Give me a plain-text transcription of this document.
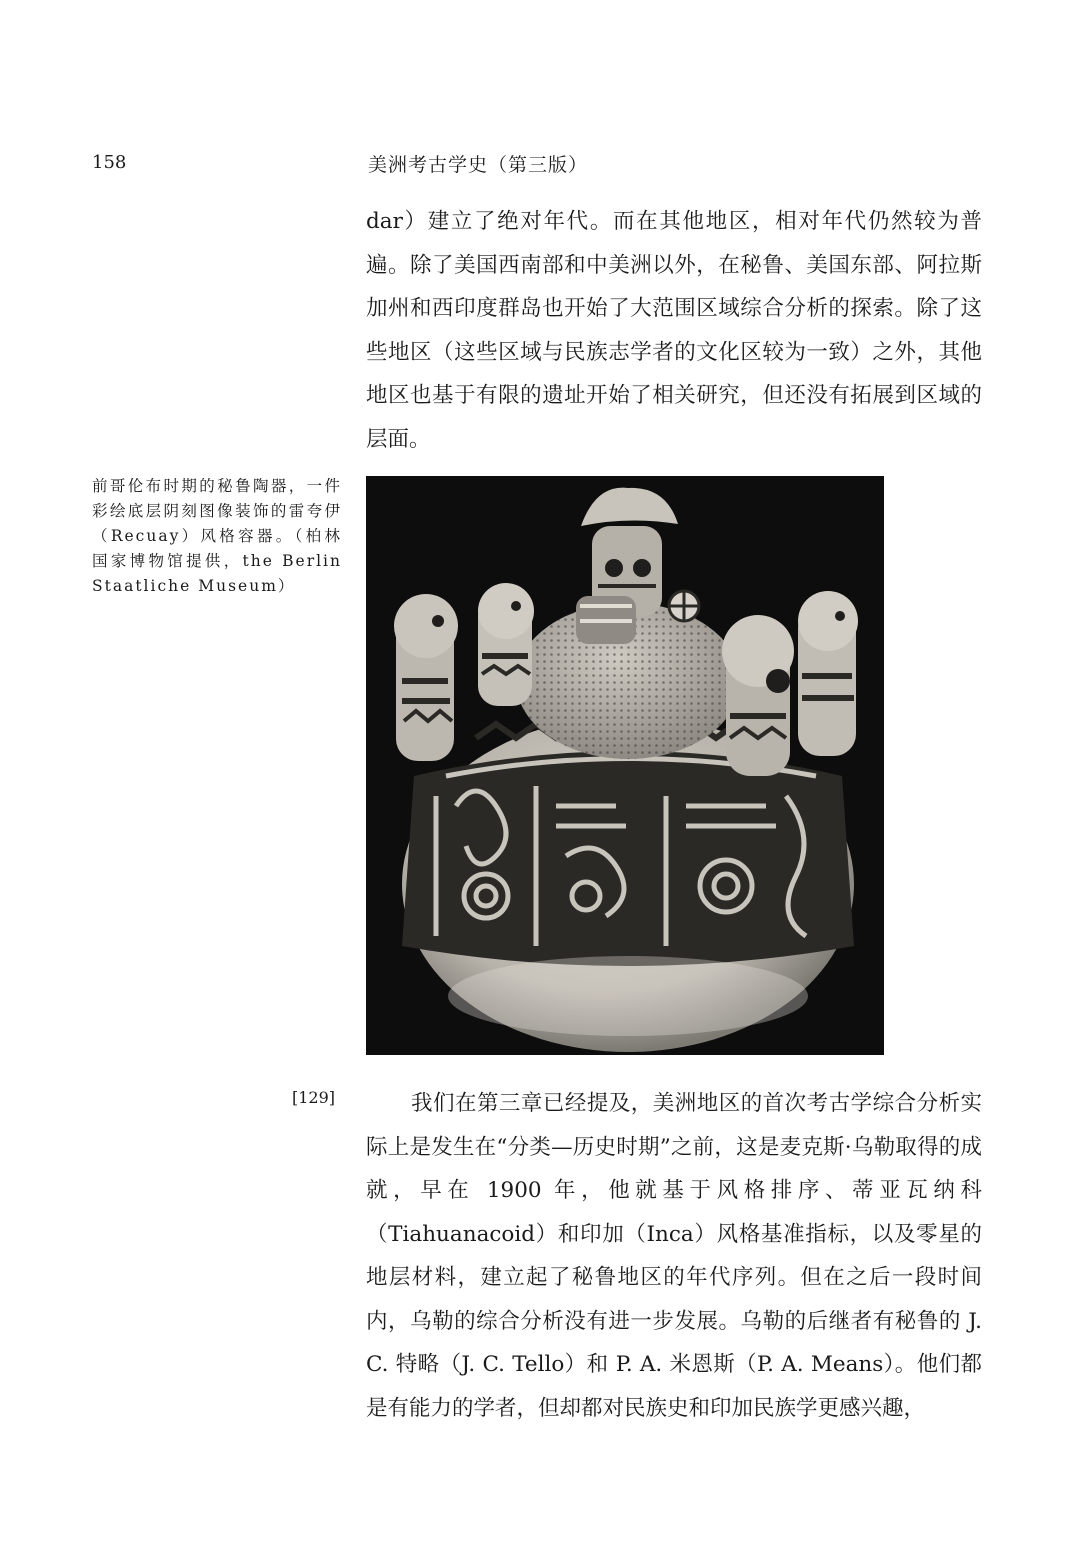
158	美洲考古学史（第三版）

dar）建立了绝对年代。而在其他地区，相对年代仍然较为普遍。除了美国西南部和中美洲以外，在秘鲁、美国东部、阿拉斯加州和西印度群岛也开始了大范围区域综合分析的探索。除了这些地区（这些区域与民族志学者的文化区较为一致）之外，其他地区也基于有限的遗址开始了相关研究，但还没有拓展到区域的层面。

前哥伦布时期的秘鲁陶器，一件彩绘底层阴刻图像装饰的雷夸伊（Recuay）风格容器。（柏林国家博物馆提供，the Berlin Staatliche Museum）

[129]	我们在第三章已经提及，美洲地区的首次考古学综合分析实际上是发生在“分类—历史时期”之前，这是麦克斯·乌勒取得的成就，早在 1900 年，他就基于风格排序、蒂亚瓦纳科（Tiahuanacoid）和印加（Inca）风格基准指标，以及零星的地层材料，建立起了秘鲁地区的年代序列。但在之后一段时间内，乌勒的综合分析没有进一步发展。乌勒的后继者有秘鲁的 J. C. 特略（J. C. Tello）和 P. A. 米恩斯（P. A. Means）。他们都是有能力的学者，但却都对民族史和印加民族学更感兴趣，
